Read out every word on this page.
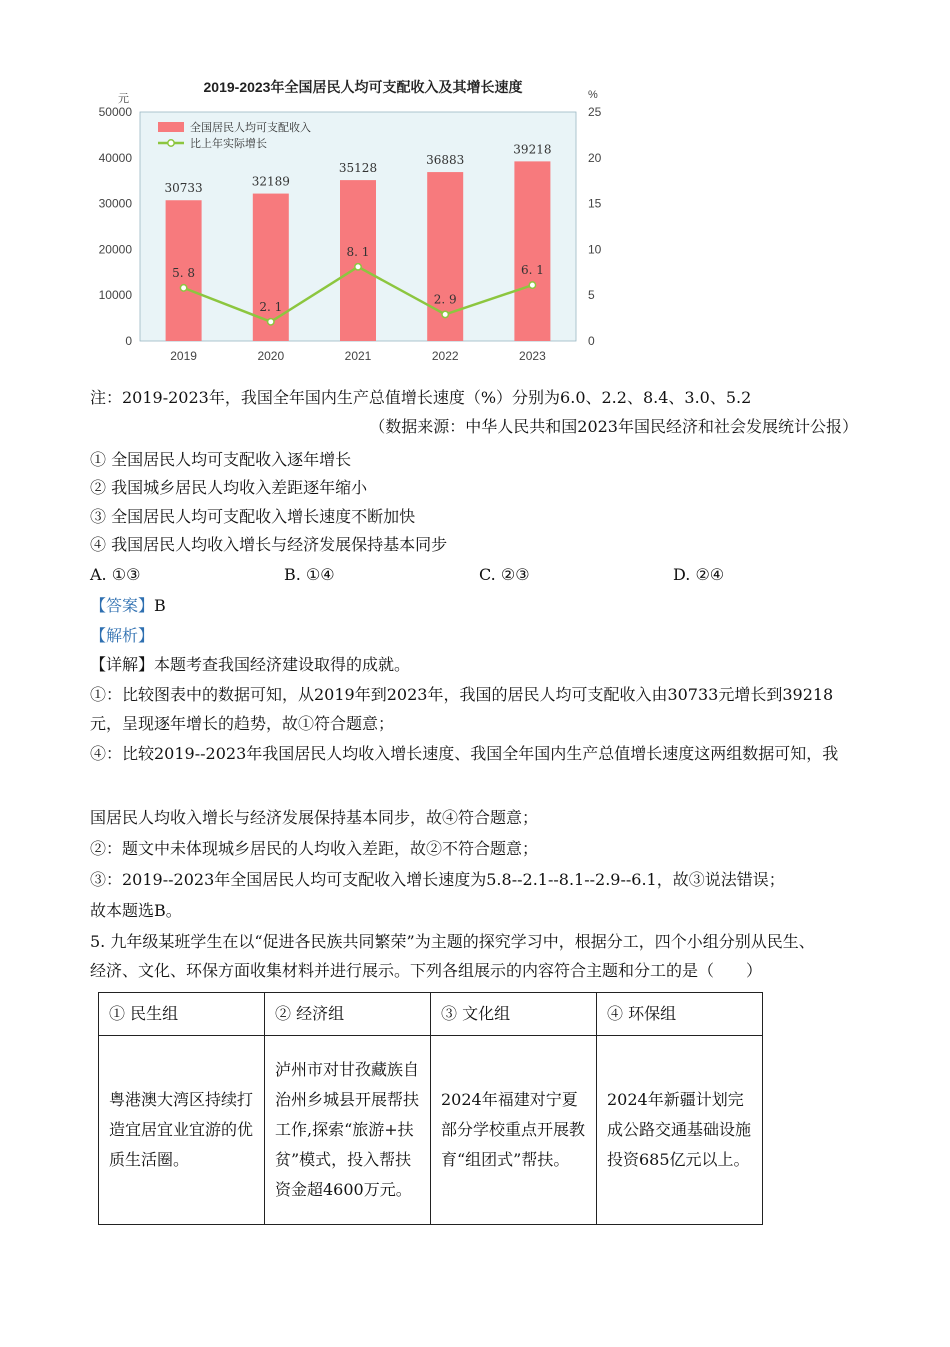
2019-2023年全国居民人均可支配收入及其增长速度
0
10000
20000
30000
40000
50000
0
5
10
15
20
25
元	%
30733	32189
35128
36883
39218
5. 8
2. 1
8. 1
2. 9
6. 1
2019	2020	2021	2022	2023
全国居民人均可支配收入
比上年实际增长
注：2019-2023年，我国全年国内生产总值增长速度（%）分别为6.0、2.2、8.4、3.0、5.2
（数据来源：中华人民共和国2023年国民经济和社会发展统计公报）
① 全国居民人均可支配收入逐年增长
② 我国城乡居民人均收入差距逐年缩小
③ 全国居民人均可支配收入增长速度不断加快
④ 我国居民人均收入增长与经济发展保持基本同步
A. ①③	B. ①④	C. ②③	D. ②④
【答案】B
【解析】
【详解】本题考查我国经济建设取得的成就。
①：比较图表中的数据可知，从2019年到2023年，我国的居民人均可支配收入由30733元增长到39218
元，呈现逐年增长的趋势，故①符合题意；
④：比较2019--2023年我国居民人均收入增长速度、我国全年国内生产总值增长速度这两组数据可知，我
国居民人均收入增长与经济发展保持基本同步，故④符合题意；
②：题文中未体现城乡居民的人均收入差距，故②不符合题意；
③：2019--2023年全国居民人均可支配收入增长速度为5.8--2.1--8.1--2.9--6.1，故③说法错误；
故本题选B。
5. 九年级某班学生在以“促进各民族共同繁荣”为主题的探究学习中，根据分工，四个小组分别从民生、
经济、文化、环保方面收集材料并进行展示。下列各组展示的内容符合主题和分工的是（　　）
① 民生组	② 经济组	③ 文化组	④ 环保组

粤港澳大湾区持续打造宜居宜业宜游的优质生活圈。	泸州市对甘孜藏族自治州乡城县开展帮扶工作,探索“旅游+扶贫”模式，投入帮扶资金超4600万元。	2024年福建对宁夏部分学校重点开展教育“组团式”帮扶。	2024年新疆计划完成公路交通基础设施投资685亿元以上。
